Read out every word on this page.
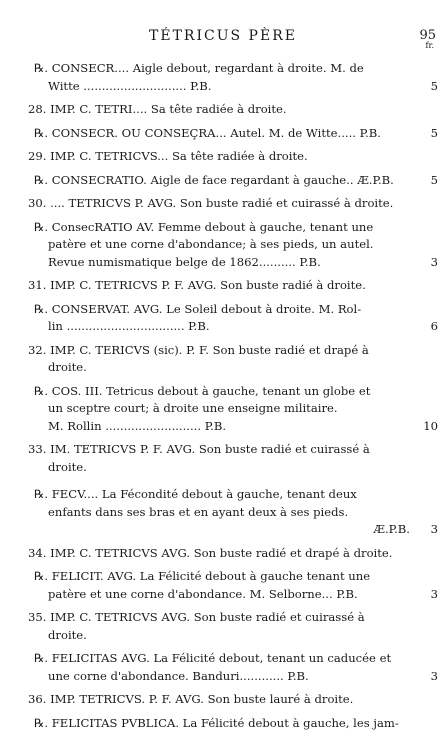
TÉTRICUS PÈRE	95
fr.
℞. CONSECR.... Aigle debout, regardant à droite. M. de
Witte ............................ P.B.	5
28. IMP. C. TETRI.... Sa tête radiée à droite.
℞. CONSECR. OU CONSEÇRA... Autel. M. de Witte..... P.B.	5
29. IMP. C. TETRICVS... Sa tête radiée à droite.
℞. CONSECRATIO. Aigle de face regardant à gauche.. Æ.P.B.	5
30. .... TETRICVS P. AVG. Son buste radié et cuirassé à droite.
℞. ConsecRATIO AV. Femme debout à gauche, tenant une
patère et une corne d'abondance; à ses pieds, un autel.
Revue numismatique belge de 1862.......... P.B.	3
31. IMP. C. TETRICVS P. F. AVG. Son buste radié à droite.
℞. CONSERVAT. AVG. Le Soleil debout à droite. M. Rol-
lin ................................ P.B.	6
32. IMP. C. TERICVS (sic). P. F. Son buste radié et drapé à
droite.
℞. COS. III. Tetricus debout à gauche, tenant un globe et
un sceptre court; à droite une enseigne militaire.
M. Rollin .......................... P.B.	10
33. IM. TETRICVS P. F. AVG. Son buste radié et cuirassé à
droite.
℞. FECV.... La Fécondité debout à gauche, tenant deux
enfants dans ses bras et en ayant deux à ses pieds.
Æ.P.B. 3
34. IMP. C. TETRICVS AVG. Son buste radié et drapé à droite.
℞. FELICIT. AVG. La Félicité debout à gauche tenant une
patère et une corne d'abondance. M. Selborne... P.B.	3
35. IMP. C. TETRICVS AVG. Son buste radié et cuirassé à
droite.
℞. FELICITAS AVG. La Félicité debout, tenant un caducée et
une corne d'abondance. Banduri............ P.B.	3
36. IMP. TETRICVS. P. F. AVG. Son buste lauré à droite.
℞. FELICITAS PVBLICA. La Félicité debout à gauche, les jam-
